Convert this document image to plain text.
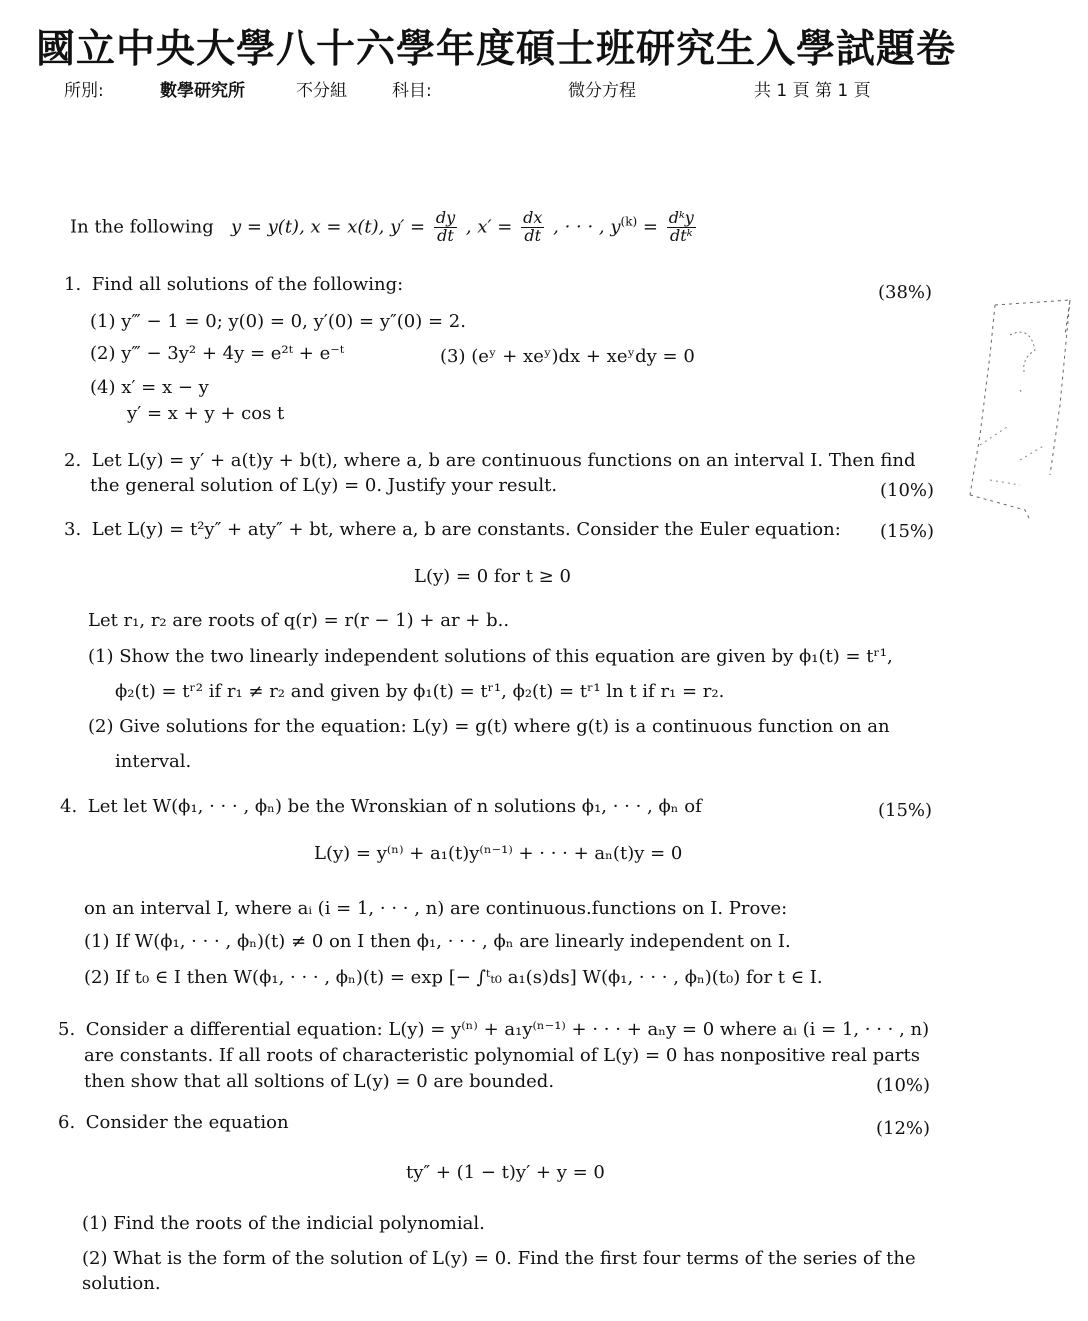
國立中央大學八十六學年度碩士班研究生入學試題卷
所別:	數學研究所	不分組	科目:	微分方程	共 1 頁 第 1 頁
In the following y = y(t), x = x(t), $y' = \frac{dy}{dt}$ , $x' = \frac{dx}{dt}$ , · · · , $y^{(k)} = \frac{\text{dᵏy}}{\text{dtᵏ}}$
1. Find all solutions of the following:	(38%)
(1) y‴ − 1 = 0; y(0) = 0, y′(0) = y″(0) = 2.
(2) y‴ − 3y² + 4y = e²ᵗ + e⁻ᵗ	(3) (eʸ + xeʸ)dx + xeʸdy = 0
(4) x′ = x − y
y′ = x + y + cos t
2. Let L(y) = y′ + a(t)y + b(t), where a, b are continuous functions on an interval I. Then find
the general solution of L(y) = 0. Justify your result.	(10%)
3. Let L(y) = t²y″ + aty″ + bt, where a, b are constants. Consider the Euler equation: (15%)
L(y) = 0 for t ≥ 0
Let r₁, r₂ are roots of q(r) = r(r − 1) + ar + b..
(1) Show the two linearly independent solutions of this equation are given by ϕ₁(t) = tʳ¹,
ϕ₂(t) = tʳ² if r₁ ≠ r₂ and given by ϕ₁(t) = tʳ¹, ϕ₂(t) = tʳ¹ ln t if r₁ = r₂.
(2) Give solutions for the equation: L(y) = g(t) where g(t) is a continuous function on an
interval.
4. Let let W(ϕ₁, · · · , ϕₙ) be the Wronskian of n solutions ϕ₁, · · · , ϕₙ of	(15%)
L(y) = y⁽ⁿ⁾ + a₁(t)y⁽ⁿ⁻¹⁾ + · · · + aₙ(t)y = 0
on an interval I, where aᵢ (i = 1, · · · , n) are continuous.functions on I. Prove:
(1) If W(ϕ₁, · · · , ϕₙ)(t) ≠ 0 on I then ϕ₁, · · · , ϕₙ are linearly independent on I.
(2) If t₀ ∈ I then W(ϕ₁, · · · , ϕₙ)(t) = exp [− ∫ᵗₜ₀ a₁(s)ds] W(ϕ₁, · · · , ϕₙ)(t₀) for t ∈ I.
5. Consider a differential equation: L(y) = y⁽ⁿ⁾ + a₁y⁽ⁿ⁻¹⁾ + · · · + aₙy = 0 where aᵢ (i = 1, · · · , n)
are constants. If all roots of characteristic polynomial of L(y) = 0 has nonpositive real parts
then show that all soltions of L(y) = 0 are bounded.	(10%)
6. Consider the equation	(12%)
ty″ + (1 − t)y′ + y = 0
(1) Find the roots of the indicial polynomial.
(2) What is the form of the solution of L(y) = 0. Find the first four terms of the series of the
solution.
